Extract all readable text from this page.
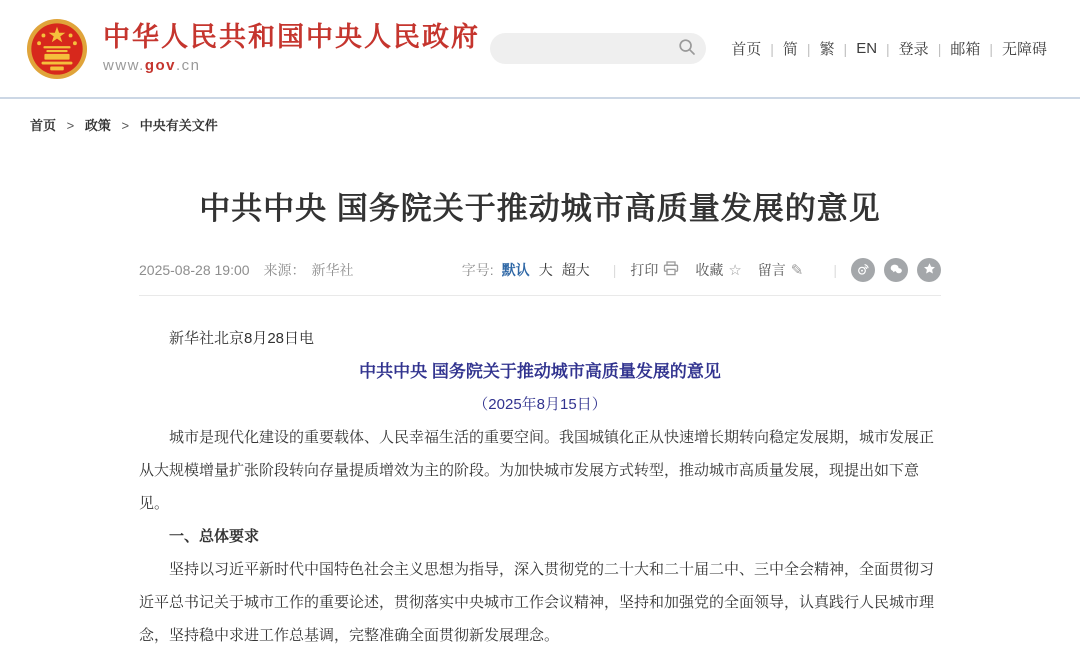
中华人民共和国中央人民政府
www.gov.cn
首页 | 简 | 繁 | EN | 登录 | 邮箱 | 无障碍
首页 > 政策 > 中央有关文件
中共中央 国务院关于推动城市高质量发展的意见
2025-08-28 19:00 来源： 新华社	字号: 默认 大 超大 | 打印	收藏 ☆ 留言 ✎ |

新华社北京8月28日电

中共中央 国务院关于推动城市高质量发展的意见
（2025年8月15日）

城市是现代化建设的重要载体、人民幸福生活的重要空间。我国城镇化正从快速增长期转向稳定发展期，城市发展正从大规模增量扩张阶段转向存量提质增效为主的阶段。为加快城市发展方式转型，推动城市高质量发展，现提出如下意见。

一、总体要求

坚持以习近平新时代中国特色社会主义思想为指导，深入贯彻党的二十大和二十届二中、三中全会精神，全面贯彻习近平总书记关于城市工作的重要论述，贯彻落实中央城市工作会议精神，坚持和加强党的全面领导，认真践行人民城市理念，坚持稳中求进工作总基调，完整准确全面贯彻新发展理念。
